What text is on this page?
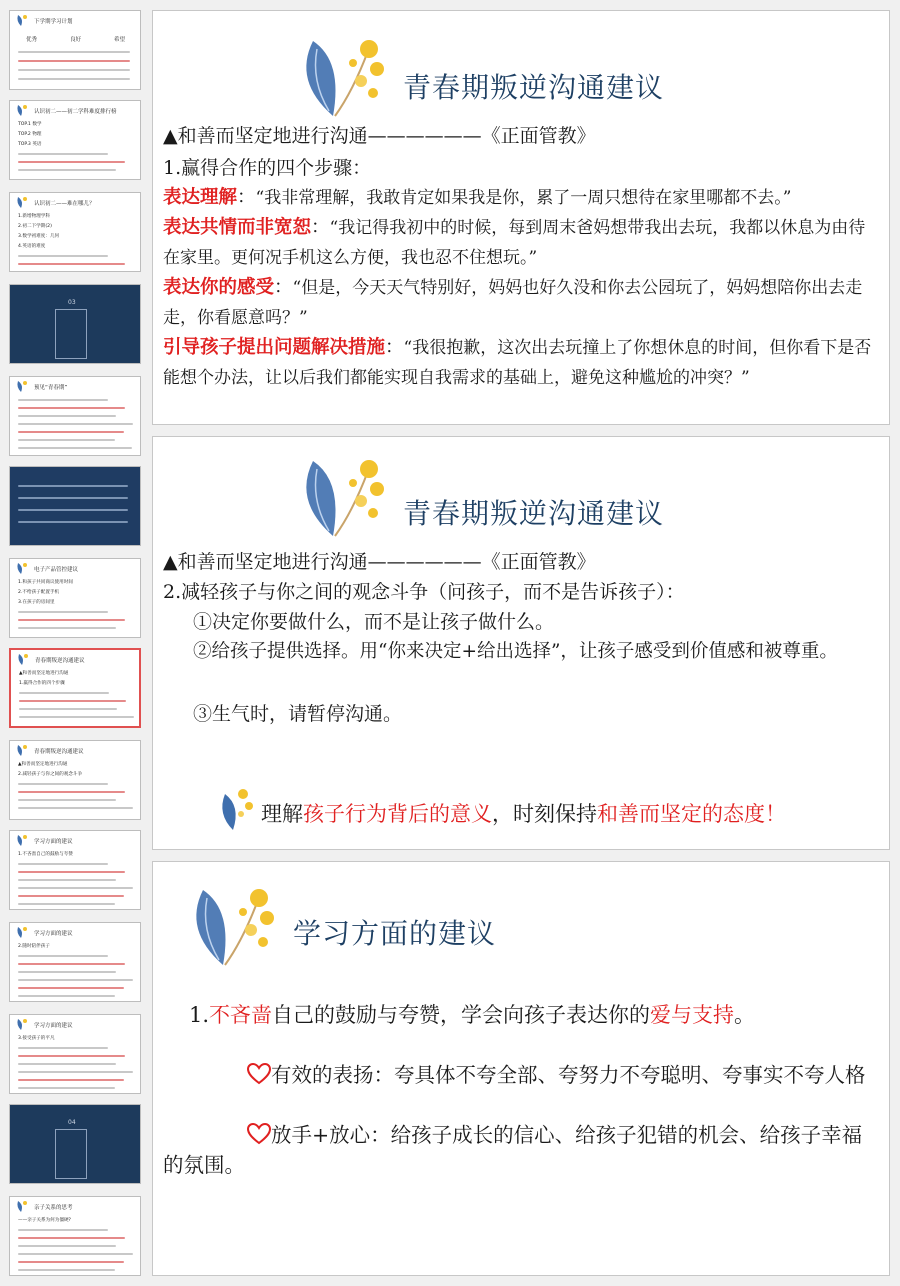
下学期学习计划
优秀	良好	希望
认识初二——初二学科难度排行榜
TOP.1 数学
TOP.2 物理
TOP.3 英语
认识初二——难在哪儿？
1.新增物理学科
2.初二下学期(2)
3.数学初难度：几何
4.英语的难度
03
预见“青春期”
电子产品管控建议
1.和孩子共同商议使用时间
2.不给孩子配置手机
3.在孩子的房间里
青春期叛逆沟通建议
▲和善而坚定地进行沟通
1.赢得合作的四个步骤
青春期叛逆沟通建议
▲和善而坚定地进行沟通
2.减轻孩子与你之间的观念斗争
学习方面的建议
1.不吝啬自己的鼓励与夸赞
学习方面的建议
2.随时陪伴孩子
学习方面的建议
3.接受孩子的平凡
04
亲子关系的思考
——亲子关系为何为僵硬?
青春期叛逆沟通建议
▲和善而坚定地进行沟通——————《正面管教》
1.赢得合作的四个步骤：
表达理解：“我非常理解，我敢肯定如果我是你，累了一周只想待在家里哪都不去。”
表达共情而非宽恕：“我记得我初中的时候，每到周末爸妈想带我出去玩，我都以休息为由待在家里。更何况手机这么方便，我也忍不住想玩。”
表达你的感受：“但是，今天天气特别好，妈妈也好久没和你去公园玩了，妈妈想陪你出去走走，你看愿意吗？”
引导孩子提出问题解决措施：“我很抱歉，这次出去玩撞上了你想休息的时间，但你看下是否能想个办法，让以后我们都能实现自我需求的基础上，避免这种尴尬的冲突？”
青春期叛逆沟通建议
▲和善而坚定地进行沟通——————《正面管教》
2.减轻孩子与你之间的观念斗争（问孩子，而不是告诉孩子）：
①决定你要做什么，而不是让孩子做什么。
②给孩子提供选择。用“你来决定+给出选择”，让孩子感受到价值感和被尊重。
③生气时，请暂停沟通。
理解孩子行为背后的意义，时刻保持和善而坚定的态度！
学习方面的建议
1.不吝啬自己的鼓励与夸赞，学会向孩子表达你的爱与支持。
有效的表扬：夸具体不夸全部、夸努力不夸聪明、夸事实不夸人格
放手+放心：给孩子成长的信心、给孩子犯错的机会、给孩子幸福的氛围。
